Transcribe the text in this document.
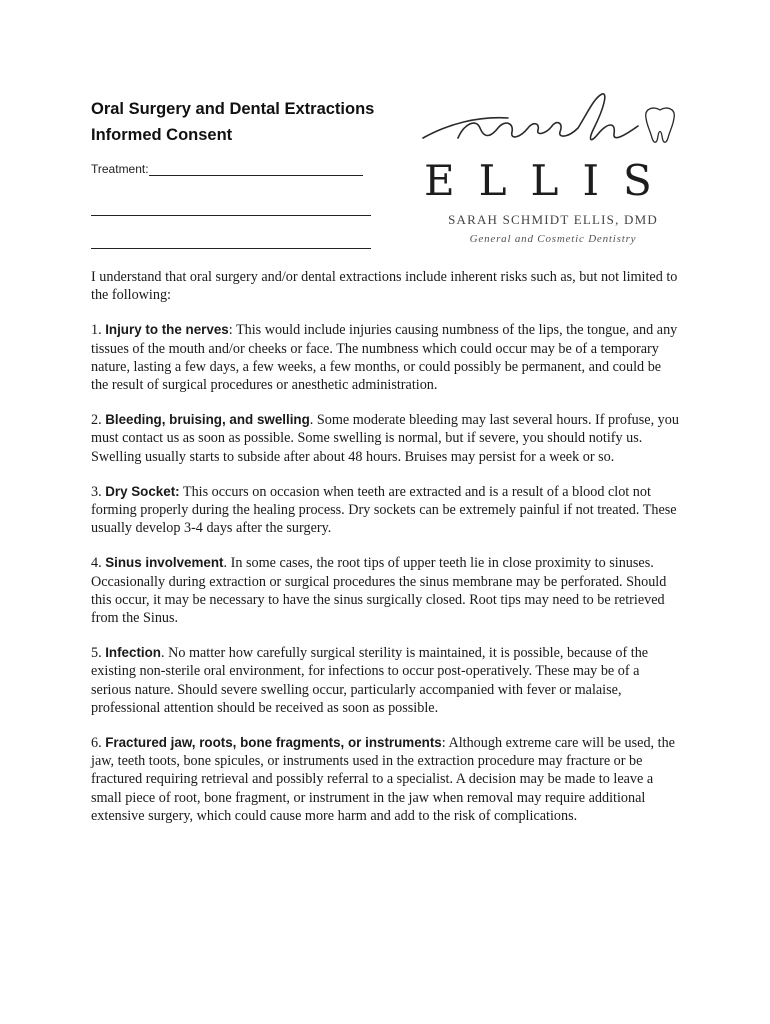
Oral Surgery and Dental Extractions
Informed Consent
Treatment:	ELLIS
SARAH SCHMIDT ELLIS, DMD
General and Cosmetic Dentistry

I understand that oral surgery and/or dental extractions include inherent risks such as, but not limited to the following:

1. Injury to the nerves: This would include injuries causing numbness of the lips, the tongue, and any tissues of the mouth and/or cheeks or face. The numbness which could occur may be of a temporary nature, lasting a few days, a few weeks, a few months, or could possibly be permanent, and could be the result of surgical procedures or anesthetic administration.

2. Bleeding, bruising, and swelling. Some moderate bleeding may last several hours. If profuse, you must contact us as soon as possible. Some swelling is normal, but if severe, you should notify us. Swelling usually starts to subside after about 48 hours. Bruises may persist for a week or so.

3. Dry Socket: This occurs on occasion when teeth are extracted and is a result of a blood clot not forming properly during the healing process. Dry sockets can be extremely painful if not treated. These usually develop 3-4 days after the surgery.

4. Sinus involvement. In some cases, the root tips of upper teeth lie in close proximity to sinuses. Occasionally during extraction or surgical procedures the sinus membrane may be perforated. Should this occur, it may be necessary to have the sinus surgically closed. Root tips may need to be retrieved from the Sinus.

5. Infection. No matter how carefully surgical sterility is maintained, it is possible, because of the existing non-sterile oral environment, for infections to occur post-operatively. These may be of a serious nature. Should severe swelling occur, particularly accompanied with fever or malaise, professional attention should be received as soon as possible.

6. Fractured jaw, roots, bone fragments, or instruments: Although extreme care will be used, the jaw, teeth toots, bone spicules, or instruments used in the extraction procedure may fracture or be fractured requiring retrieval and possibly referral to a specialist. A decision may be made to leave a small piece of root, bone fragment, or instrument in the jaw when removal may require additional extensive surgery, which could cause more harm and add to the risk of complications.
